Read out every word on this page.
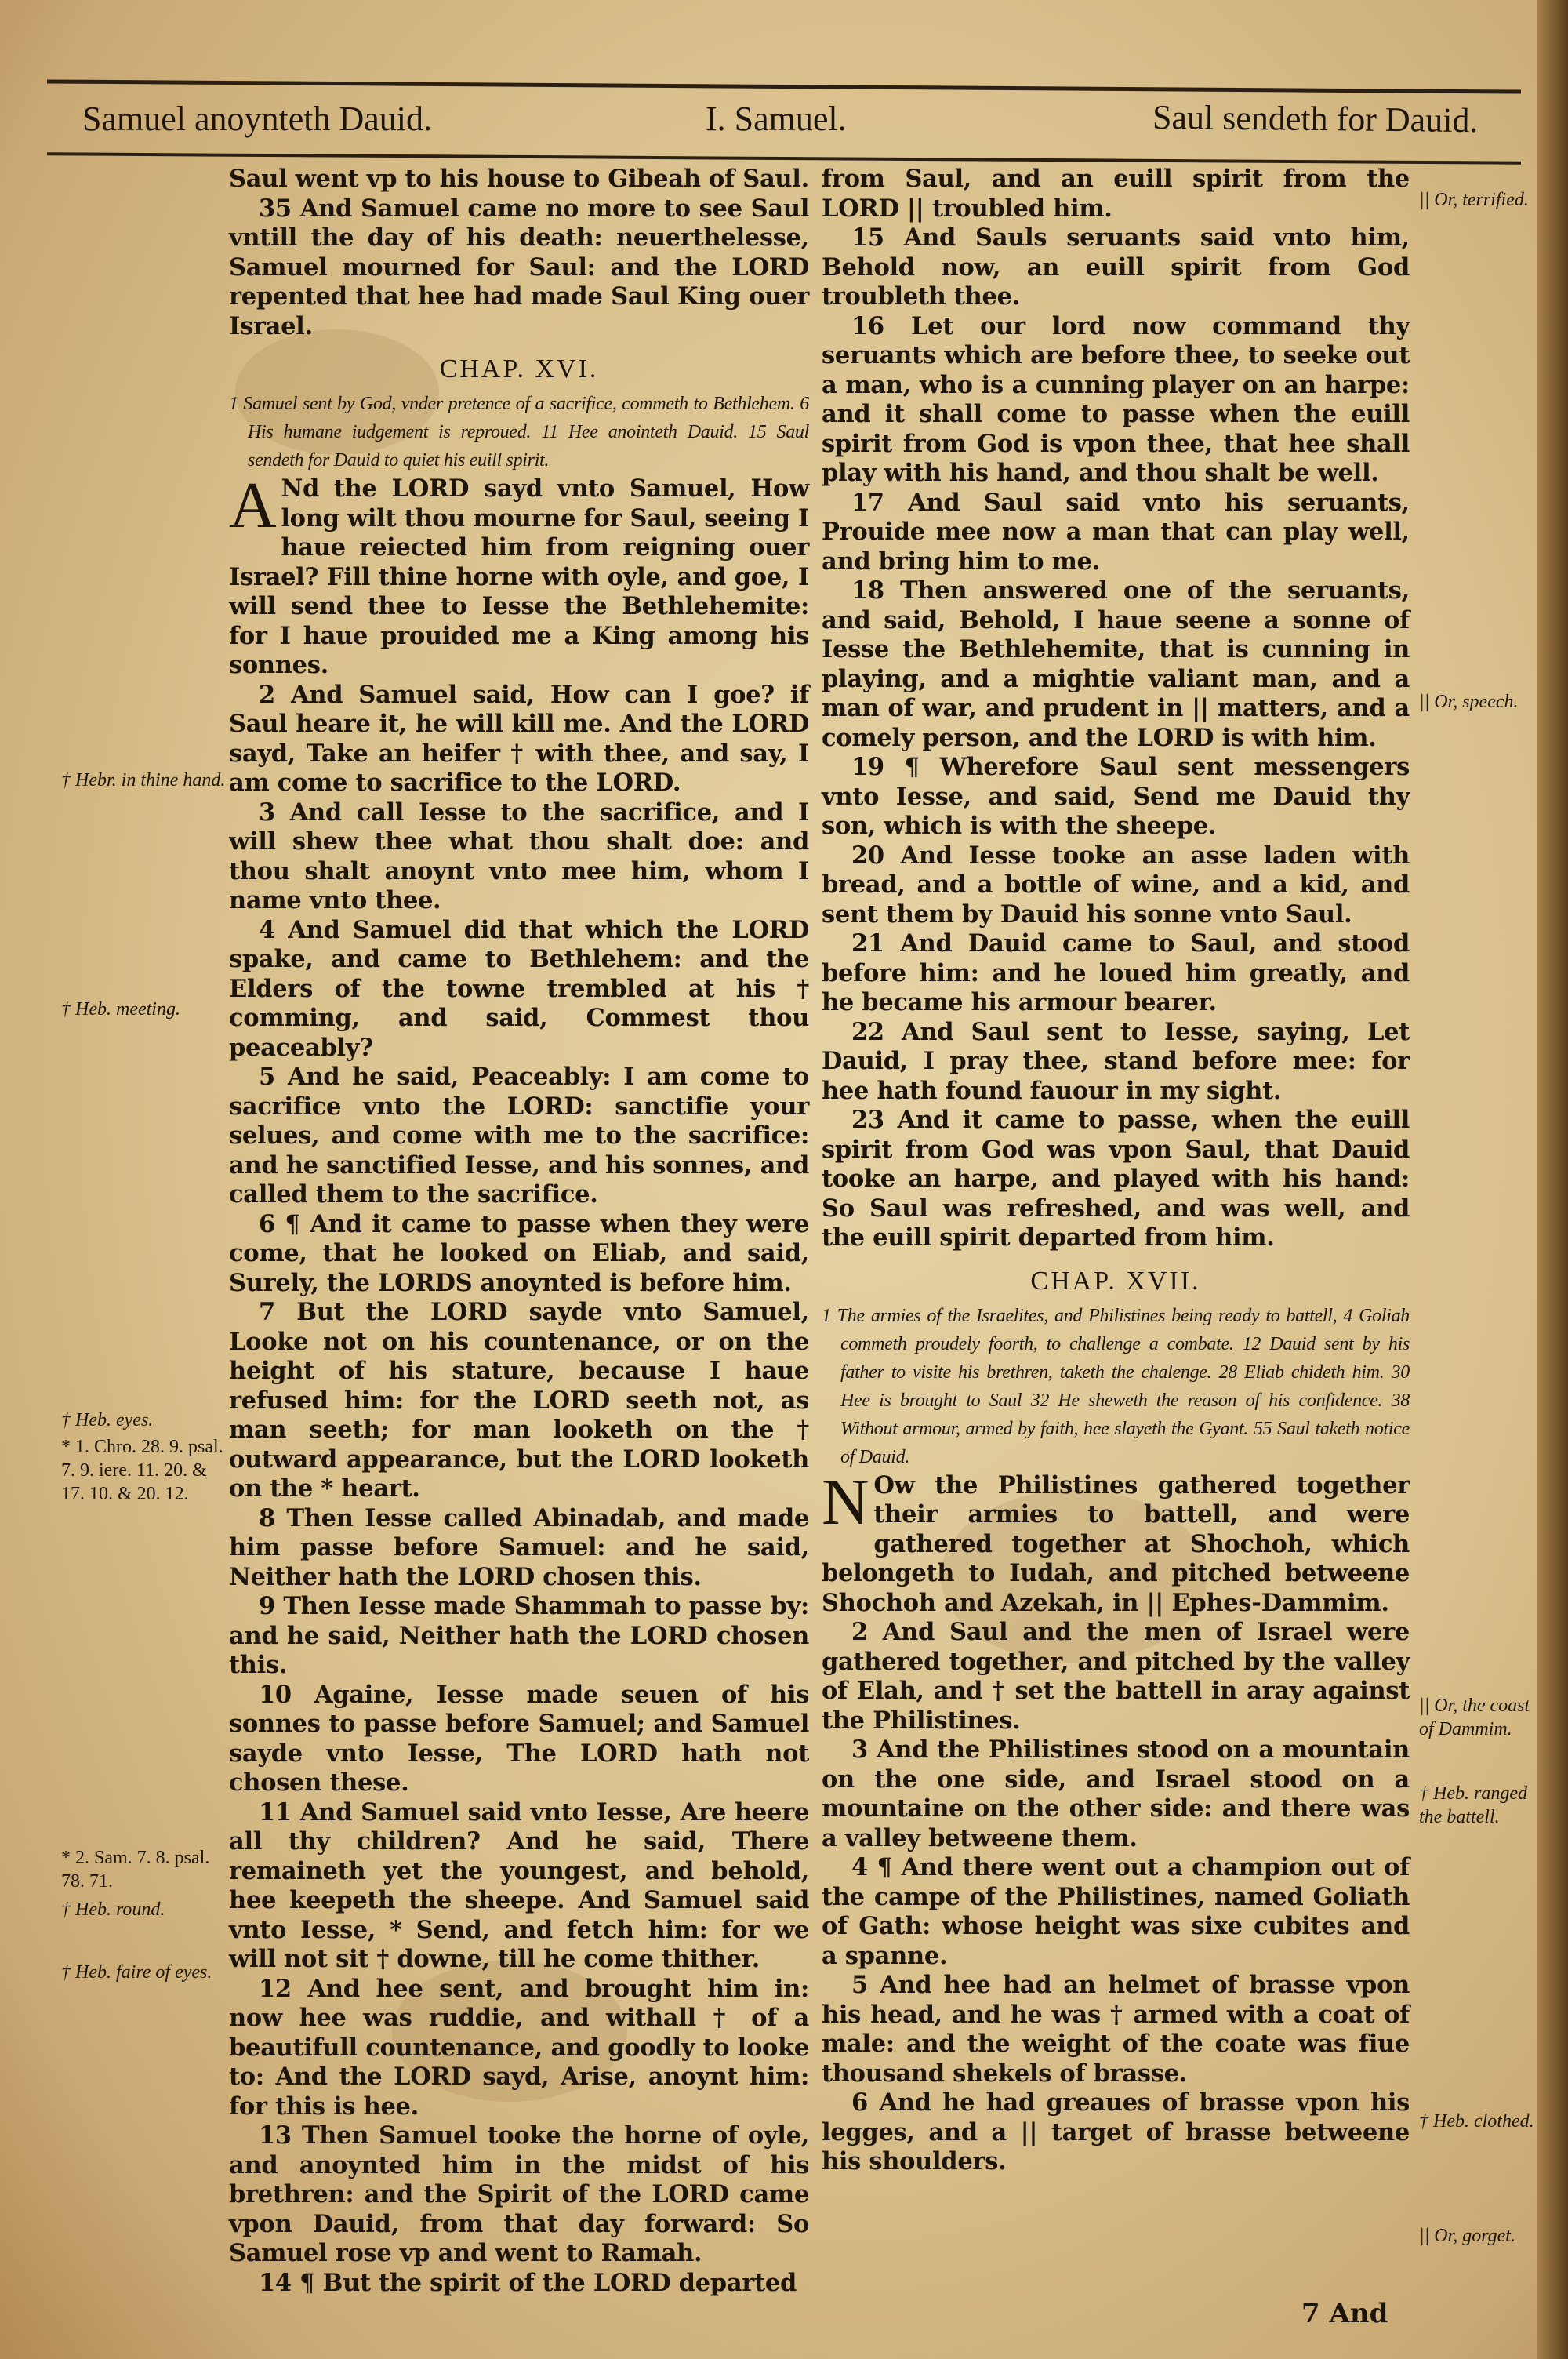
Samuel anoynteth Dauid.	I. Samuel.	Saul sendeth for Dauid.

Saul went vp to his house to Gibeah of Saul.

35 And Samuel came no more to see Saul vntill the day of his death: neuerthelesse, Samuel mourned for Saul: and the LORD repented that hee had made Saul King ouer Israel.

CHAP. XVI.

1 Samuel sent by God, vnder pretence of a sacrifice, commeth to Bethlehem. 6 His humane iudgement is reproued. 11 Hee anointeth Dauid. 15 Saul sendeth for Dauid to quiet his euill spirit.

A Nd the LORD sayd vnto Samuel, How long wilt thou mourne for Saul, seeing I haue reiected him from reigning ouer Israel? Fill thine horne with oyle, and goe, I will send thee to Iesse the Bethlehemite: for I haue prouided me a King among his sonnes.

2 And Samuel said, How can I goe? if Saul heare it, he will kill me. And the LORD sayd, Take an heifer † with thee, and say, I am come to sacrifice to the LORD.

3 And call Iesse to the sacrifice, and I will shew thee what thou shalt doe: and thou shalt anoynt vnto mee him, whom I name vnto thee.

4 And Samuel did that which the LORD spake, and came to Bethlehem: and the Elders of the towne trembled at his † comming, and said, Commest thou peaceably?

5 And he said, Peaceably: I am come to sacrifice vnto the LORD: sanctifie your selues, and come with me to the sacrifice: and he sanctified Iesse, and his sonnes, and called them to the sacrifice.

6 ¶ And it came to passe when they were come, that he looked on Eliab, and said, Surely, the LORDS anoynted is before him.

7 But the LORD sayde vnto Samuel, Looke not on his countenance, or on the height of his stature, because I haue refused him: for the LORD seeth not, as man seeth; for man looketh on the † outward appearance, but the LORD looketh on the * heart.

8 Then Iesse called Abinadab, and made him passe before Samuel: and he said, Neither hath the LORD chosen this.

9 Then Iesse made Shammah to passe by: and he said, Neither hath the LORD chosen this.

10 Againe, Iesse made seuen of his sonnes to passe before Samuel; and Samuel sayde vnto Iesse, The LORD hath not chosen these.

11 And Samuel said vnto Iesse, Are heere all thy children? And he said, There remaineth yet the youngest, and behold, hee keepeth the sheepe. And Samuel said vnto Iesse, * Send, and fetch him: for we will not sit † downe, till he come thither.

12 And hee sent, and brought him in: now hee was ruddie, and withall † of a beautifull countenance, and goodly to looke to: And the LORD sayd, Arise, anoynt him: for this is hee.

13 Then Samuel tooke the horne of oyle, and anoynted him in the midst of his brethren: and the Spirit of the LORD came vpon Dauid, from that day forward: So Samuel rose vp and went to Ramah.

14 ¶ But the spirit of the LORD departed

from Saul, and an euill spirit from the LORD || troubled him.

15 And Sauls seruants said vnto him, Behold now, an euill spirit from God troubleth thee.

16 Let our lord now command thy seruants which are before thee, to seeke out a man, who is a cunning player on an harpe: and it shall come to passe when the euill spirit from God is vpon thee, that hee shall play with his hand, and thou shalt be well.

17 And Saul said vnto his seruants, Prouide mee now a man that can play well, and bring him to me.

18 Then answered one of the seruants, and said, Behold, I haue seene a sonne of Iesse the Bethlehemite, that is cunning in playing, and a mightie valiant man, and a man of war, and prudent in || matters, and a comely person, and the LORD is with him.

19 ¶ Wherefore Saul sent messengers vnto Iesse, and said, Send me Dauid thy son, which is with the sheepe.

20 And Iesse tooke an asse laden with bread, and a bottle of wine, and a kid, and sent them by Dauid his sonne vnto Saul.

21 And Dauid came to Saul, and stood before him: and he loued him greatly, and he became his armour bearer.

22 And Saul sent to Iesse, saying, Let Dauid, I pray thee, stand before mee: for hee hath found fauour in my sight.

23 And it came to passe, when the euill spirit from God was vpon Saul, that Dauid tooke an harpe, and played with his hand: So Saul was refreshed, and was well, and the euill spirit departed from him.

CHAP. XVII.

1 The armies of the Israelites, and Philistines being ready to battell, 4 Goliah commeth proudely foorth, to challenge a combate. 12 Dauid sent by his father to visite his brethren, taketh the chalenge. 28 Eliab chideth him. 30 Hee is brought to Saul 32 He sheweth the reason of his confidence. 38 Without armour, armed by faith, hee slayeth the Gyant. 55 Saul taketh notice of Dauid.

N Ow the Philistines gathered together their armies to battell, and were gathered together at Shochoh, which belongeth to Iudah, and pitched betweene Shochoh and Azekah, in || Ephes-Dammim.

2 And Saul and the men of Israel were gathered together, and pitched by the valley of Elah, and † set the battell in aray against the Philistines.

3 And the Philistines stood on a mountain on the one side, and Israel stood on a mountaine on the other side: and there was a valley betweene them.

4 ¶ And there went out a champion out of the campe of the Philistines, named Goliath of Gath: whose height was sixe cubites and a spanne.

5 And hee had an helmet of brasse vpon his head, and he was † armed with a coat of male: and the weight of the coate was fiue thousand shekels of brasse.

6 And he had greaues of brasse vpon his legges, and a || target of brasse betweene his shoulders.

† Hebr. in thine hand.
† Heb. meeting.
† Heb. eyes.
* 1. Chro. 28. 9. psal. 7. 9. iere. 11. 20. & 17. 10. & 20. 12.
* 2. Sam. 7. 8. psal. 78. 71.
† Heb. round.
† Heb. faire of eyes.
|| Or, terrified.
|| Or, speech.
|| Or, the coast of Dammim.
† Heb. ranged the battell.
† Heb. clothed.
|| Or, gorget.
7 And
